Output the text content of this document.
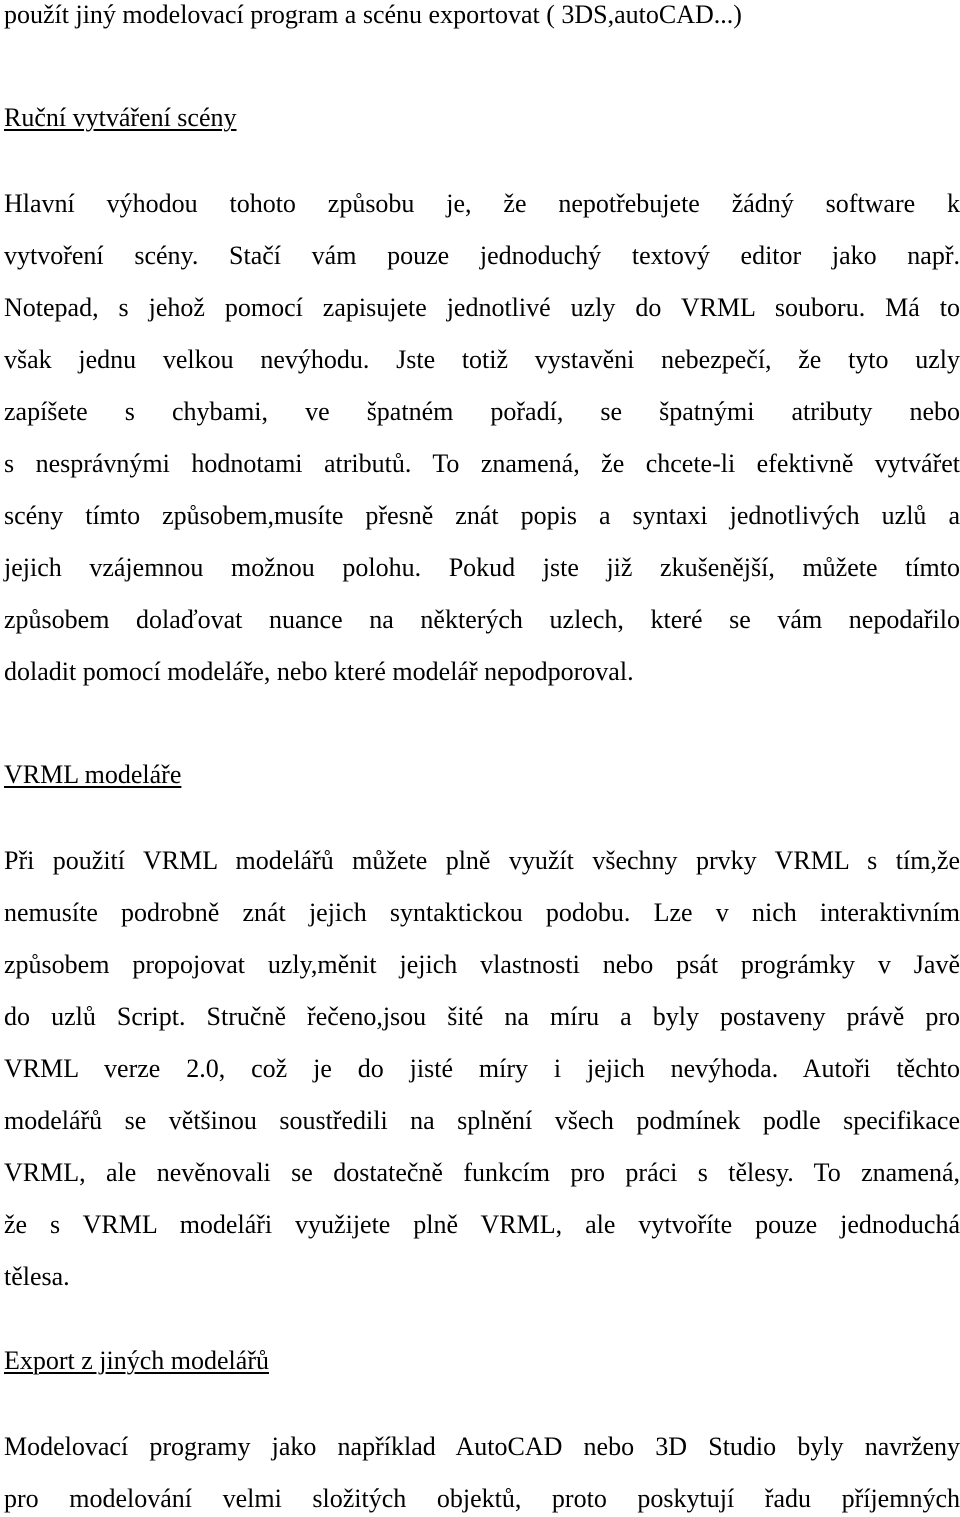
použít jiný modelovací program a scénu exportovat ( 3DS,autoCAD...)
Ruční vytváření scény
Hlavní výhodou tohoto způsobu je, že nepotřebujete žádný software k
vytvoření scény. Stačí vám pouze jednoduchý textový editor jako např.
Notepad, s jehož pomocí zapisujete jednotlivé uzly do VRML souboru. Má to
však jednu velkou nevýhodu. Jste totiž vystavěni nebezpečí, že tyto uzly
zapíšete s chybami, ve špatném pořadí, se špatnými atributy nebo
s nesprávnými hodnotami atributů. To znamená, že chcete-li efektivně vytvářet
scény tímto způsobem,musíte přesně znát popis a syntaxi jednotlivých uzlů a
jejich vzájemnou možnou polohu. Pokud jste již zkušenější, můžete tímto
způsobem dolaďovat nuance na některých uzlech, které se vám nepodařilo
doladit pomocí modeláře, nebo které modelář nepodporoval.
VRML modeláře
Při použití VRML modelářů můžete plně využít všechny prvky VRML s tím,že
nemusíte podrobně znát jejich syntaktickou podobu. Lze v nich interaktivním
způsobem propojovat uzly,měnit jejich vlastnosti nebo psát prográmky v Javě
do uzlů Script. Stručně řečeno,jsou šité na míru a byly postaveny právě pro
VRML verze 2.0, což je do jisté míry i jejich nevýhoda. Autoři těchto
modelářů se většinou soustředili na splnění všech podmínek podle specifikace
VRML, ale nevěnovali se dostatečně funkcím pro práci s tělesy. To znamená,
že s VRML modeláři využijete plně VRML, ale vytvoříte pouze jednoduchá
tělesa.
Export z jiných modelářů
Modelovací programy jako například AutoCAD nebo 3D Studio byly navrženy
pro modelování velmi složitých objektů, proto poskytují řadu příjemných
